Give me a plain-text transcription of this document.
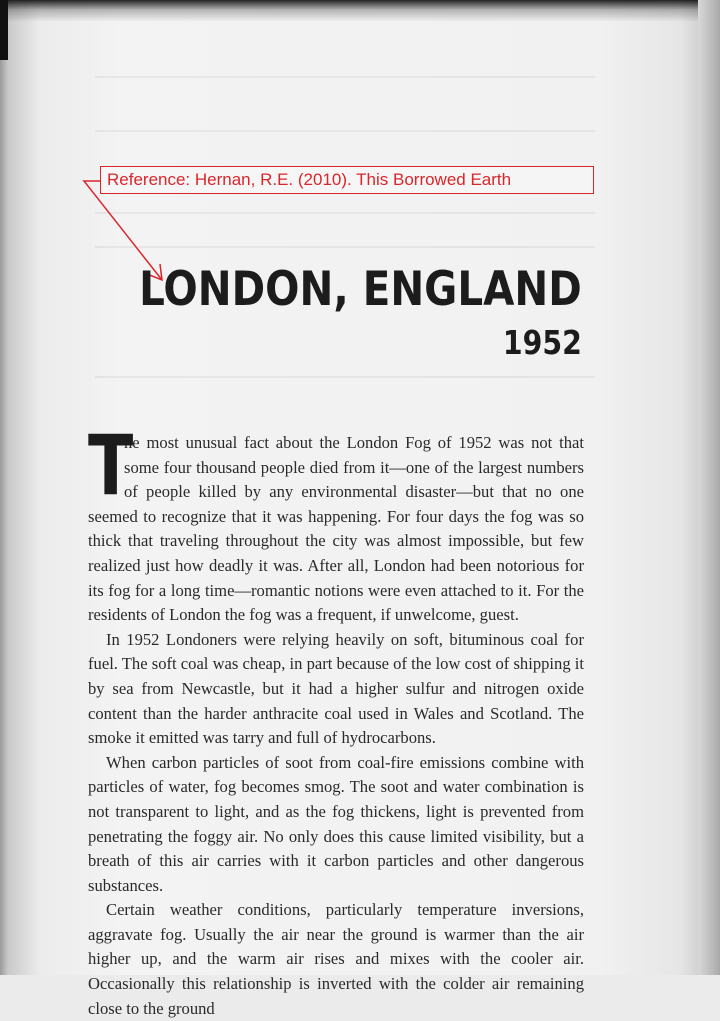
Reference: Hernan, R.E. (2010). This Borrowed Earth
LONDON, ENGLAND
1952

T
he most unusual fact about the London Fog of 1952 was not that some four thousand people died from it—one of the largest numbers of people killed by any environmental disaster—but that no one seemed to recognize that it was happening. For four days the fog was so thick that traveling throughout the city was almost impossible, but few realized just how deadly it was. After all, London had been notorious for its fog for a long time—romantic notions were even attached to it. For the residents of London the fog was a frequent, if unwelcome, guest.

In 1952 Londoners were relying heavily on soft, bituminous coal for fuel. The soft coal was cheap, in part because of the low cost of shipping it by sea from Newcastle, but it had a higher sulfur and nitrogen oxide content than the harder anthracite coal used in Wales and Scotland. The smoke it emitted was tarry and full of hydrocarbons.

When carbon particles of soot from coal-fire emissions combine with particles of water, fog becomes smog. The soot and water combination is not transparent to light, and as the fog thickens, light is prevented from penetrating the foggy air. No only does this cause limited visibility, but a breath of this air carries with it carbon particles and other dangerous substances.

Certain weather conditions, particularly temperature inversions, aggravate fog. Usually the air near the ground is warmer than the air higher up, and the warm air rises and mixes with the cooler air. Occasionally this relationship is inverted with the colder air remaining close to the ground
